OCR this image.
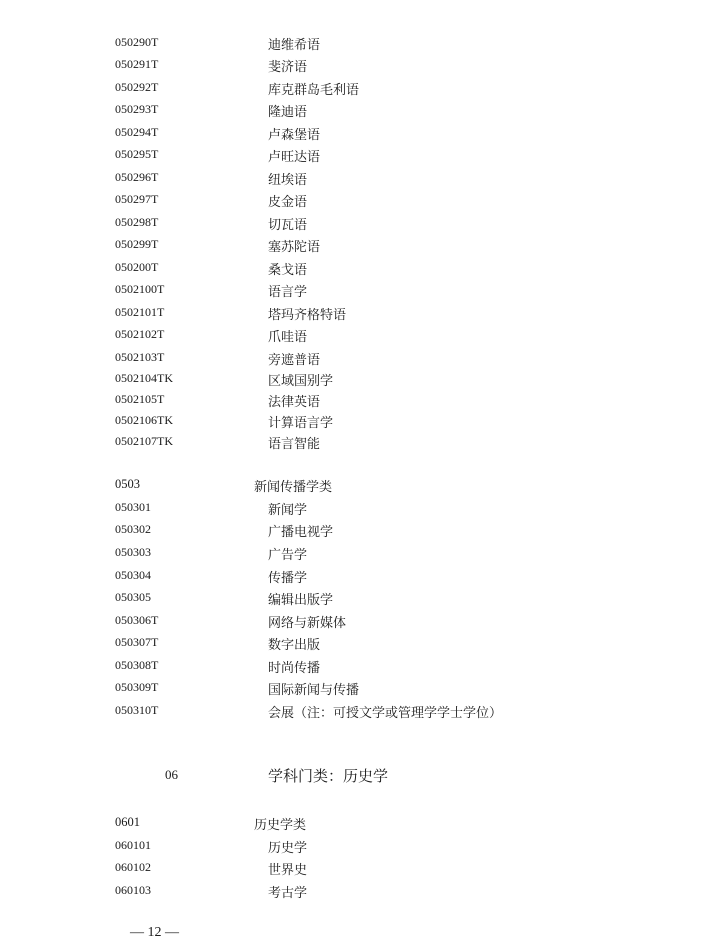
050290T	迪维希语
050291T	斐济语
050292T	库克群岛毛利语
050293T	隆迪语
050294T	卢森堡语
050295T	卢旺达语
050296T	纽埃语
050297T	皮金语
050298T	切瓦语
050299T	塞苏陀语
050200T	桑戈语
0502100T	语言学
0502101T	塔玛齐格特语
0502102T	爪哇语
0502103T	旁遮普语
0502104TK	区域国别学
0502105T	法律英语
0502106TK	计算语言学
0502107TK	语言智能
0503	新闻传播学类
050301	新闻学
050302	广播电视学
050303	广告学
050304	传播学
050305	编辑出版学
050306T	网络与新媒体
050307T	数字出版
050308T	时尚传播
050309T	国际新闻与传播
050310T	会展（注：可授文学或管理学学士学位）
06	学科门类：历史学
0601	历史学类
060101	历史学
060102	世界史
060103	考古学
— 12 —
